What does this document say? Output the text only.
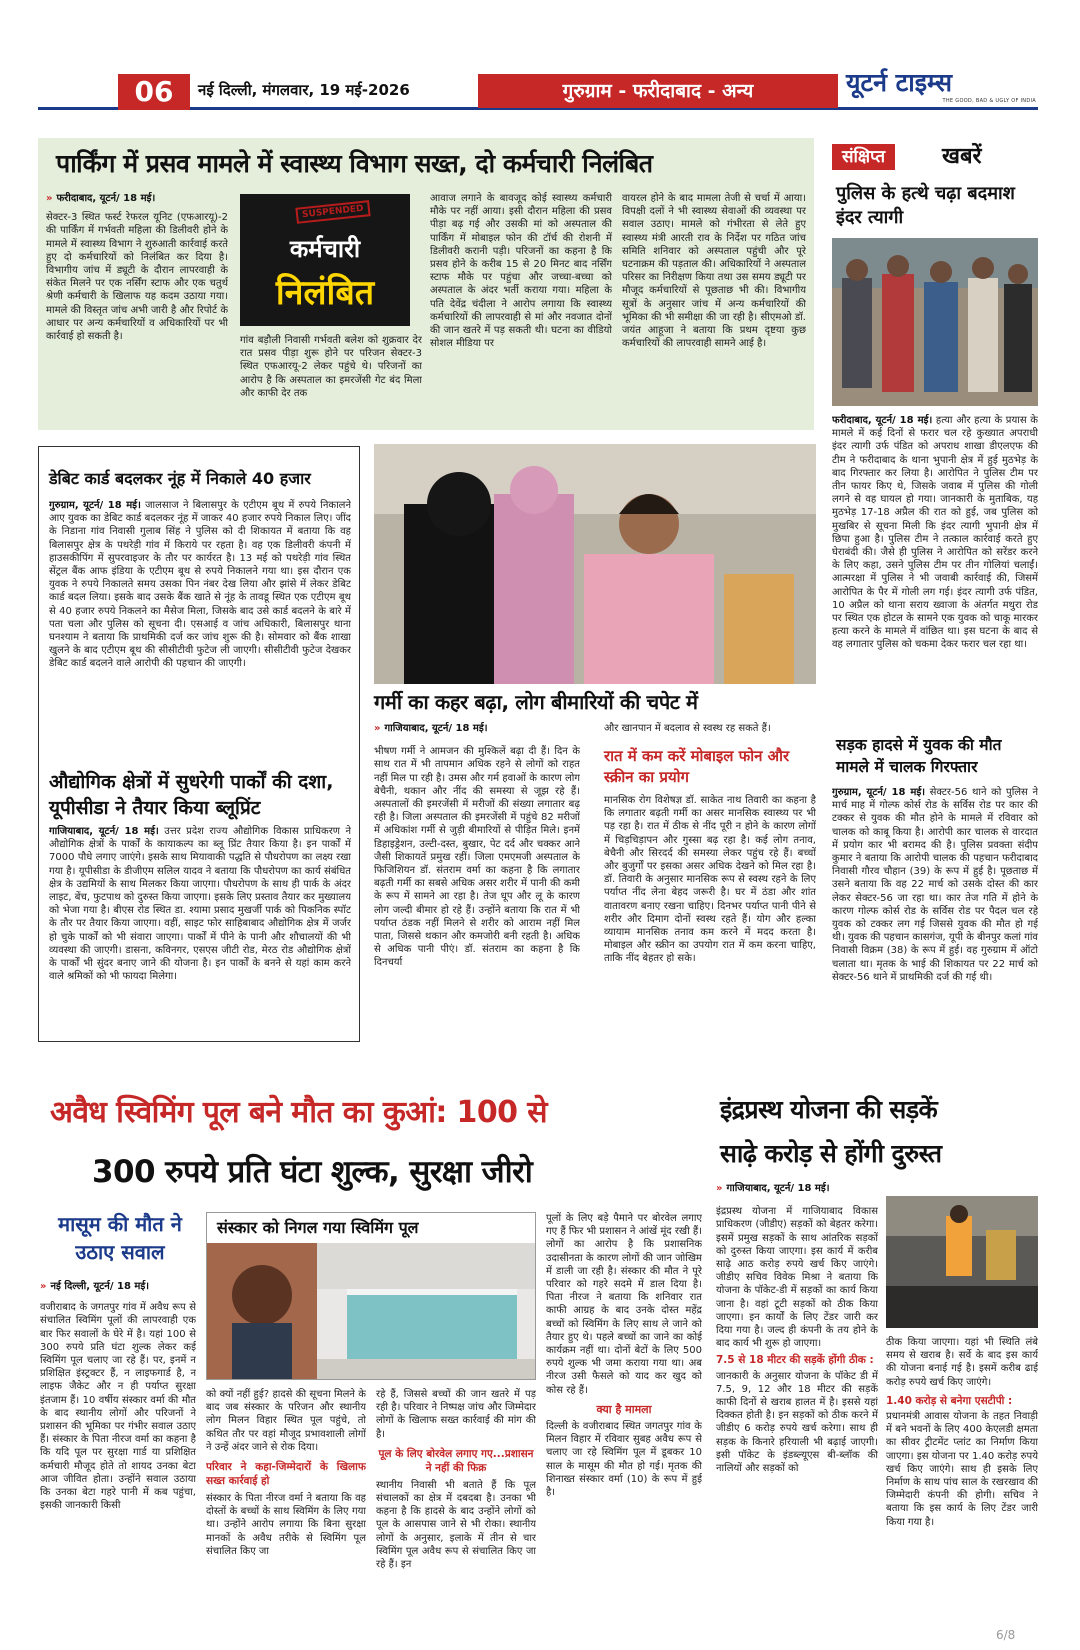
06	नई दिल्ली, मंगलवार, 19 मई-2026	गुरुग्राम - फरीदाबाद - अन्य	यूटर्न टाइम्स
THE GOOD, BAD & UGLY OF INDIA
पार्किंग में प्रसव मामले में स्वास्थ्य विभाग सख्त, दो कर्मचारी निलंबित
» फरीदाबाद, यूटर्न/ 18 मई।
सेक्टर-3 स्थित फर्स्ट रेफरल यूनिट (एफआरयू)-2 की पार्किंग में गर्भवती महिला की डिलीवरी होने के मामले में स्वास्थ्य विभाग ने शुरुआती कार्रवाई करते हुए दो कर्मचारियों को निलंबित कर दिया है। विभागीय जांच में ड्यूटी के दौरान लापरवाही के संकेत मिलने पर एक नर्सिंग स्टाफ और एक चतुर्थ श्रेणी कर्मचारी के खिलाफ यह कदम उठाया गया। मामले की विस्तृत जांच अभी जारी है और रिपोर्ट के आधार पर अन्य कर्मचारियों व अधिकारियों पर भी कार्रवाई हो सकती है।
SUSPENDED
कर्मचारी
निलंबित
गांव बड़ौली निवासी गर्भवती बलेश को शुक्रवार देर रात प्रसव पीड़ा शुरू होने पर परिजन सेक्टर-3 स्थित एफआरयू-2 लेकर पहुंचे थे। परिजनों का आरोप है कि अस्पताल का इमरजेंसी गेट बंद मिला और काफी देर तक
आवाज लगाने के बावजूद कोई स्वास्थ्य कर्मचारी मौके पर नहीं आया। इसी दौरान महिला की प्रसव पीड़ा बढ़ गई और उसकी मां को अस्पताल की पार्किंग में मोबाइल फोन की टॉर्च की रोशनी में डिलीवरी करानी पड़ी। परिजनों का कहना है कि प्रसव होने के करीब 15 से 20 मिनट बाद नर्सिंग स्टाफ मौके पर पहुंचा और जच्चा-बच्चा को अस्पताल के अंदर भर्ती कराया गया। महिला के पति देवेंद्र चंदीला ने आरोप लगाया कि स्वास्थ्य कर्मचारियों की लापरवाही से मां और नवजात दोनों की जान खतरे में पड़ सकती थी। घटना का वीडियो सोशल मीडिया पर
वायरल होने के बाद मामला तेजी से चर्चा में आया। विपक्षी दलों ने भी स्वास्थ्य सेवाओं की व्यवस्था पर सवाल उठाए। मामले को गंभीरता से लेते हुए स्वास्थ्य मंत्री आरती राव के निर्देश पर गठित जांच समिति शनिवार को अस्पताल पहुंची और पूरे घटनाक्रम की पड़ताल की। अधिकारियों ने अस्पताल परिसर का निरीक्षण किया तथा उस समय ड्यूटी पर मौजूद कर्मचारियों से पूछताछ भी की। विभागीय सूत्रों के अनुसार जांच में अन्य कर्मचारियों की भूमिका की भी समीक्षा की जा रही है। सीएमओ डॉ. जयंत आहूजा ने बताया कि प्रथम दृष्टया कुछ कर्मचारियों की लापरवाही सामने आई है।
संक्षिप्त	खबरें
पुलिस के हत्थे चढ़ा बदमाश इंदर त्यागी
फरीदाबाद, यूटर्न/ 18 मई। हत्या और हत्या के प्रयास के मामले में कई दिनों से फरार चल रहे कुख्यात अपराधी इंदर त्यागी उर्फ पंडित को अपराध शाखा डीएलएफ की टीम ने फरीदाबाद के थाना भुपानी क्षेत्र में हुई मुठभेड़ के बाद गिरफ्तार कर लिया है। आरोपित ने पुलिस टीम पर तीन फायर किए थे, जिसके जवाब में पुलिस की गोली लगने से वह घायल हो गया। जानकारी के मुताबिक, यह मुठभेड़ 17-18 अप्रैल की रात को हुई, जब पुलिस को मुखबिर से सूचना मिली कि इंदर त्यागी भुपानी क्षेत्र में छिपा हुआ है। पुलिस टीम ने तत्काल कार्रवाई करते हुए घेराबंदी की। जैसे ही पुलिस ने आरोपित को सरेंडर करने के लिए कहा, उसने पुलिस टीम पर तीन गोलियां चलाईं। आत्मरक्षा में पुलिस ने भी जवाबी कार्रवाई की, जिसमें आरोपित के पैर में गोली लग गई। इंदर त्यागी उर्फ पंडित, 10 अप्रैल को थाना सराय ख्वाजा के अंतर्गत मथुरा रोड पर स्थित एक होटल के सामने एक युवक को चाकू मारकर हत्या करने के मामले में वांछित था। इस घटना के बाद से वह लगातार पुलिस को चकमा देकर फरार चल रहा था।
सड़क हादसे में युवक की मौत मामले में चालक गिरफ्तार
गुरुग्राम, यूटर्न/ 18 मई। सेक्टर-56 थाने को पुलिस ने मार्च माह में गोल्फ कोर्स रोड के सर्विस रोड पर कार की टक्कर से युवक की मौत होने के मामले में रविवार को चालक को काबू किया है। आरोपी कार चालक से वारदात में प्रयोग कार भी बरामद की है। पुलिस प्रवक्ता संदीप कुमार ने बताया कि आरोपी चालक की पहचान फरीदाबाद निवासी गौरव चौहान (39) के रूप में हुई है। पूछताछ में उसने बताया कि वह 22 मार्च को उसके दोस्त की कार लेकर सेक्टर-56 जा रहा था। कार तेज गति में होने के कारण गोल्फ कोर्स रोड के सर्विस रोड पर पैदल चल रहे युवक को टक्कर लग गई जिससे युवक की मौत हो गई थी। युवक की पहचान कासगंज, यूपी के बीनपुर कलां गांव निवासी विक्रम (38) के रूप में हुई। वह गुरुग्राम में ऑटो चलाता था। मृतक के भाई की शिकायत पर 22 मार्च को सेक्टर-56 थाने में प्राथमिकी दर्ज की गई थी।
डेबिट कार्ड बदलकर नूंह में निकाले 40 हजार
गुरुग्राम, यूटर्न/ 18 मई। जालसाज ने बिलासपुर के एटीएम बूथ में रुपये निकालने आए युवक का डेबिट कार्ड बदलकर नूंह में जाकर 40 हजार रुपये निकाल लिए। जींद के निडाना गांव निवासी गुलाब सिंह ने पुलिस को दी शिकायत में बताया कि वह बिलासपुर क्षेत्र के पथरेड़ी गांव में किराये पर रहता है। वह एक डिलीवरी कंपनी में हाउसकीपिंग में सुपरवाइजर के तौर पर कार्यरत है। 13 मई को पथरेड़ी गांव स्थित सेंट्रल बैंक आफ इंडिया के एटीएम बूथ से रुपये निकालने गया था। इस दौरान एक युवक ने रुपये निकालते समय उसका पिन नंबर देख लिया और झांसे में लेकर डेबिट कार्ड बदल लिया। इसके बाद उसके बैंक खाते से नूंह के तावडू स्थित एक एटीएम बूथ से 40 हजार रुपये निकलने का मैसेज मिला, जिसके बाद उसे कार्ड बदलने के बारे में पता चला और पुलिस को सूचना दी। एसआई व जांच अधिकारी, बिलासपुर थाना घनश्याम ने बताया कि प्राथमिकी दर्ज कर जांच शुरू की है। सोमवार को बैंक शाखा खुलने के बाद एटीएम बूथ की सीसीटीवी फुटेज ली जाएगी। सीसीटीवी फुटेज देखकर डेबिट कार्ड बदलने वाले आरोपी की पहचान की जाएगी।
औद्योगिक क्षेत्रों में सुधरेगी पार्कों की दशा, यूपीसीडा ने तैयार किया ब्लूप्रिंट
गाजियाबाद, यूटर्न/ 18 मई। उत्तर प्रदेश राज्य औद्योगिक विकास प्राधिकरण ने औद्योगिक क्षेत्रों के पार्कों के कायाकल्प का ब्लू प्रिंट तैयार किया है। इन पार्कों में 7000 पौधे लगाए जाएंगे। इसके साथ मियावाकी पद्धति से पौधरोपण का लक्ष्य रखा गया है। यूपीसीडा के डीजीएम सलिल यादव ने बताया कि पौधरोपण का कार्य संबंधित क्षेत्र के उद्यमियों के साथ मिलकर किया जाएगा। पौधरोपण के साथ ही पार्क के अंदर लाइट, बेंच, फुटपाथ को दुरुस्त किया जाएगा। इसके लिए प्रस्ताव तैयार कर मुख्यालय को भेजा गया है। बीएस रोड स्थित डा. श्यामा प्रसाद मुखर्जी पार्क को पिकनिक स्पॉट के तौर पर तैयार किया जाएगा। वहीं, साइट फोर साहिबाबाद औद्योगिक क्षेत्र में जर्जर हो चुके पार्कों को भी संवारा जाएगा। पार्कों में पीने के पानी और शौचालयों की भी व्यवस्था की जाएगी। डासना, कविनगर, एसएस जीटी रोड, मेरठ रोड औद्योगिक क्षेत्रों के पार्कों भी सुंदर बनाए जाने की योजना है। इन पार्कों के बनने से यहां काम करने वाले श्रमिकों को भी फायदा मिलेगा।
गर्मी का कहर बढ़ा, लोग बीमारियों की चपेट में
» गाजियाबाद, यूटर्न/ 18 मई।
भीषण गर्मी ने आमजन की मुश्किलें बढ़ा दी हैं। दिन के साथ रात में भी तापमान अधिक रहने से लोगों को राहत नहीं मिल पा रही है। उमस और गर्म हवाओं के कारण लोग बेचैनी, थकान और नींद की समस्या से जूझ रहे हैं। अस्पतालों की इमरजेंसी में मरीजों की संख्या लगातार बढ़ रही है। जिला अस्पताल की इमरजेंसी में पहुंचे 82 मरीजों में अधिकांश गर्मी से जुड़ी बीमारियों से पीड़ित मिले। इनमें डिहाइड्रेशन, उल्टी-दस्त, बुखार, पेट दर्द और चक्कर आने जैसी शिकायतें प्रमुख रहीं। जिला एमएमजी अस्पताल के फिजिशियन डॉ. संतराम वर्मा का कहना है कि लगातार बढ़ती गर्मी का सबसे अधिक असर शरीर में पानी की कमी के रूप में सामने आ रहा है। तेज धूप और लू के कारण लोग जल्दी बीमार हो रहे हैं। उन्होंने बताया कि रात में भी पर्याप्त ठंडक नहीं मिलने से शरीर को आराम नहीं मिल पाता, जिससे थकान और कमजोरी बनी रहती है। अधिक से अधिक पानी पीएं। डॉ. संतराम का कहना है कि दिनचर्या
और खानपान में बदलाव से स्वस्थ रह सकते हैं।
रात में कम करें मोबाइल फोन और स्क्रीन का प्रयोग
मानसिक रोग विशेषज्ञ डॉ. साकेत नाथ तिवारी का कहना है कि लगातार बढ़ती गर्मी का असर मानसिक स्वास्थ्य पर भी पड़ रहा है। रात में ठीक से नींद पूरी न होने के कारण लोगों में चिड़चिड़ापन और गुस्सा बढ़ रहा है। कई लोग तनाव, बेचैनी और सिरदर्द की समस्या लेकर पहुंच रहे हैं। बच्चों और बुजुर्गों पर इसका असर अधिक देखने को मिल रहा है। डॉ. तिवारी के अनुसार मानसिक रूप से स्वस्थ रहने के लिए पर्याप्त नींद लेना बेहद जरूरी है। घर में ठंडा और शांत वातावरण बनाए रखना चाहिए। दिनभर पर्याप्त पानी पीने से शरीर और दिमाग दोनों स्वस्थ रहते हैं। योग और हल्का व्यायाम मानसिक तनाव कम करने में मदद करता है। मोबाइल और स्क्रीन का उपयोग रात में कम करना चाहिए, ताकि नींद बेहतर हो सके।
अवैध स्विमिंग पूल बने मौत का कुआं: 100 से
300 रुपये प्रति घंटा शुल्क, सुरक्षा जीरो
मासूम की मौत ने उठाए सवाल
» नई दिल्ली, यूटर्न/ 18 मई।
वजीराबाद के जगतपुर गांव में अवैध रूप से संचालित स्विमिंग पूलों की लापरवाही एक बार फिर सवालों के घेरे में है। यहां 100 से 300 रुपये प्रति घंटा शुल्क लेकर कई स्विमिंग पूल चलाए जा रहे हैं। पर, इनमें न प्रशिक्षित इंस्ट्रक्टर हैं, न लाइफगार्ड है, न लाइफ जैकेट और न ही पर्याप्त सुरक्षा इंतजाम हैं। 10 वर्षीय संस्कार वर्मा की मौत के बाद स्थानीय लोगों और परिजनों ने प्रशासन की भूमिका पर गंभीर सवाल उठाए हैं। संस्कार के पिता नीरज वर्मा का कहना है कि यदि पूल पर सुरक्षा गार्ड या प्रशिक्षित कर्मचारी मौजूद होते तो शायद उनका बेटा आज जीवित होता। उन्होंने सवाल उठाया कि उनका बेटा गहरे पानी में कब पहुंचा, इसकी जानकारी किसी
संस्कार को निगल गया स्विमिंग पूल
को क्यों नहीं हुई? हादसे की सूचना मिलने के बाद जब संस्कार के परिजन और स्थानीय लोग मिलन विहार स्थित पूल पहुंचे, तो कथित तौर पर वहां मौजूद प्रभावशाली लोगों ने उन्हें अंदर जाने से रोक दिया।
परिवार ने कहा-जिम्मेदारों के खिलाफ सख्त कार्रवाई हो
संस्कार के पिता नीरज वर्मा ने बताया कि वह दोस्तों के बच्चों के साथ स्विमिंग के लिए गया था। उन्होंने आरोप लगाया कि बिना सुरक्षा मानकों के अवैध तरीके से स्विमिंग पूल संचालित किए जा
रहे हैं, जिससे बच्चों की जान खतरे में पड़ रही है। परिवार ने निष्पक्ष जांच और जिम्मेदार लोगों के खिलाफ सख्त कार्रवाई की मांग की है।
पूल के लिए बोरवेल लगाए गए...प्रशासन ने नहीं की फिक्र
स्थानीय निवासी भी बताते हैं कि पूल संचालकों का क्षेत्र में दबदबा है। उनका भी कहना है कि हादसे के बाद उन्होंने लोगों को पूल के आसपास जाने से भी रोका। स्थानीय लोगों के अनुसार, इलाके में तीन से चार स्विमिंग पूल अवैध रूप से संचालित किए जा रहे हैं। इन
पूलों के लिए बड़े पैमाने पर बोरवेल लगाए गए हैं फिर भी प्रशासन ने आंखें मूंद रखी हैं। लोगों का आरोप है कि प्रशासनिक उदासीनता के कारण लोगों की जान जोखिम में डाली जा रही है। संस्कार की मौत ने पूरे परिवार को गहरे सदमे में डाल दिया है। पिता नीरज ने बताया कि शनिवार रात काफी आग्रह के बाद उनके दोस्त महेंद्र बच्चों को स्विमिंग के लिए साथ ले जाने को तैयार हुए थे। पहले बच्चों का जाने का कोई कार्यक्रम नहीं था। दोनों बेटों के लिए 500 रुपये शुल्क भी जमा कराया गया था। अब नीरज उसी फैसले को याद कर खुद को कोस रहे हैं।
क्या है मामला
दिल्ली के वजीराबाद स्थित जगतपुर गांव के मिलन विहार में रविवार सुबह अवैध रूप से चलाए जा रहे स्विमिंग पूल में डूबकर 10 साल के मासूम की मौत हो गई। मृतक की शिनाख्त संस्कार वर्मा (10) के रूप में हुई है।
इंद्रप्रस्थ योजना की सड़कें
साढ़े करोड़ से होंगी दुरुस्त
» गाजियाबाद, यूटर्न/ 18 मई।
इंद्रप्रस्थ योजना में गाजियाबाद विकास प्राधिकरण (जीडीए) सड़कों को बेहतर करेगा। इसमें प्रमुख सड़कों के साथ आंतरिक सड़कों को दुरुस्त किया जाएगा। इस कार्य में करीब साढ़े आठ करोड़ रुपये खर्च किए जाएंगे। जीडीए सचिव विवेक मिश्रा ने बताया कि योजना के पॉकेट-डी में सड़कों का कार्य किया जाना है। वहां टूटी सड़कों को ठीक किया जाएगा। इन कार्यों के लिए टेंडर जारी कर दिया गया है। जल्द ही कंपनी के तय होने के बाद कार्य भी शुरू हो जाएगा।
7.5 से 18 मीटर की सड़कें होंगी ठीक :
जानकारी के अनुसार योजना के पॉकेट डी में 7.5, 9, 12 और 18 मीटर की सड़कें काफी दिनों से खराब हालत में है। इससे यहां दिक्कत होती है। इन सड़कों को ठीक करने में जीडीए 6 करोड़ रुपये खर्च करेगा। साथ ही सड़क के किनारे हरियाली भी बढ़ाई जाएगी। इसी पॉकेट के इंडब्ल्यूएस बी-ब्लॉक की नालियों और सड़कों को
ठीक किया जाएगा। यहां भी स्थिति लंबे समय से खराब है। सर्वे के बाद इस कार्य की योजना बनाई गई है। इसमें करीब ढाई करोड़ रुपये खर्च किए जाएंगे।
1.40 करोड़ से बनेगा एसटीपी :
प्रधानमंत्री आवास योजना के तहत निवाड़ी में बने भवनों के लिए 400 केएलडी क्षमता का सीवर ट्रीटमेंट प्लांट का निर्माण किया जाएगा। इस योजना पर 1.40 करोड़ रुपये खर्च किए जाएंगे। साथ ही इसके लिए निर्माण के साथ पांच साल के रखरखाव की जिम्मेदारी कंपनी की होगी। सचिव ने बताया कि इस कार्य के लिए टेंडर जारी किया गया है।
6/8
